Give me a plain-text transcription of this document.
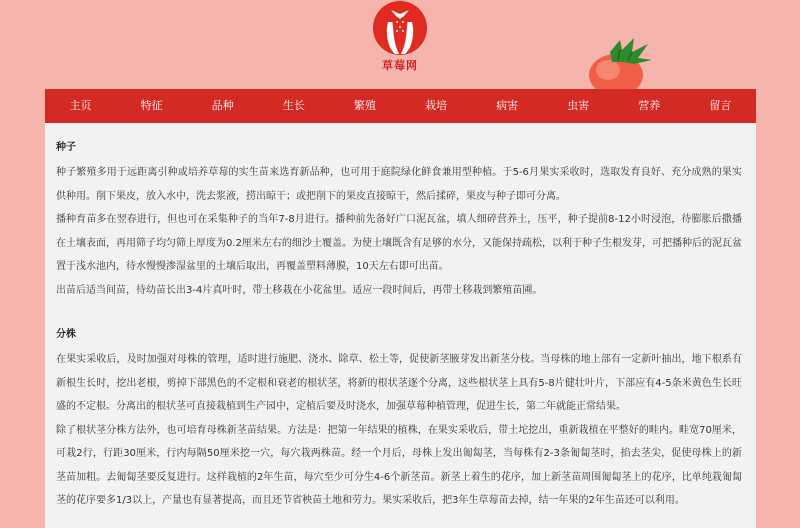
草莓网
主页	特征	品种	生长	繁殖	栽培	病害	虫害	营养	留言

种子

种子繁殖多用于远距离引种或培养草莓的实生苗来选育新品种，也可用于庭院绿化鲜食兼用型种植。于5-6月果实采收时，选取发育良好、充分成熟的果实供种用。削下果皮，放入水中，洗去浆液，捞出晾干；或把削下的果皮直接晾干，然后揉碎，果皮与种子即可分离。

播种育苗多在翌春进行，但也可在采集种子的当年7-8月进行。播种前先备好广口泥瓦盆，填人细碎营养土，压平，种子提前8-12小时浸泡，待膨胀后撒播在土壤表面，再用筛子均匀筛上厚度为0.2厘米左右的细沙土覆盖。为使土壤既含有足够的水分，又能保持疏松，以利于种子生根发芽，可把播种后的泥瓦盆置于浅水池内，待水慢慢渗湿盆里的土壤后取出，再覆盖塑料薄膜，10天左右即可出苗。

出苗后适当间苗，待幼苗长出3-4片真叶时，带土移栽在小花盆里。适应一段时间后，再带土移栽到繁殖苗圃。

分株

在果实采收后，及时加强对母株的管理，适时进行施肥、浇水、除草、松土等，促使新茎腋芽发出新茎分枝。当母株的地上部有一定新叶抽出，地下根系有新根生长时，挖出老根，剪掉下部黑色的不定根和衰老的根状茎，将新的根状茎逐个分离，这些根状茎上具有5-8片健壮叶片，下部应有4-5条米黄色生长旺盛的不定根。分离出的根状茎可直接栽植到生产园中，定植后要及时浇水，加强草莓种植管理，促进生长，第二年就能正常结果。

除了根状茎分株方法外，也可培育母株新茎苗结果。方法是：把第一年结果的植株，在果实采收后，带土坨挖出，重新栽植在平整好的畦内。畦宽70厘米，可栽2行，行距30厘米，行内每隔50厘米挖一穴，每穴栽两株苗。经一个月后，母株上发出匍匐茎，当每株有2-3条匍匐茎时，掐去茎尖，促使母株上的新茎苗加粗。去匍匐茎要反复进行。这样栽植的2年生苗，每穴至少可分生4-6个新茎苗。新茎上着生的花序，加上新茎苗周围匍匐茎上的花序，比单纯栽匍匐茎的花序要多1/3以上，产量也有显著提高，而且还节省秧苗土地和劳力。果实采收后，把3年生草莓苗去掉，结一年果的2年生苗还可以利用。
